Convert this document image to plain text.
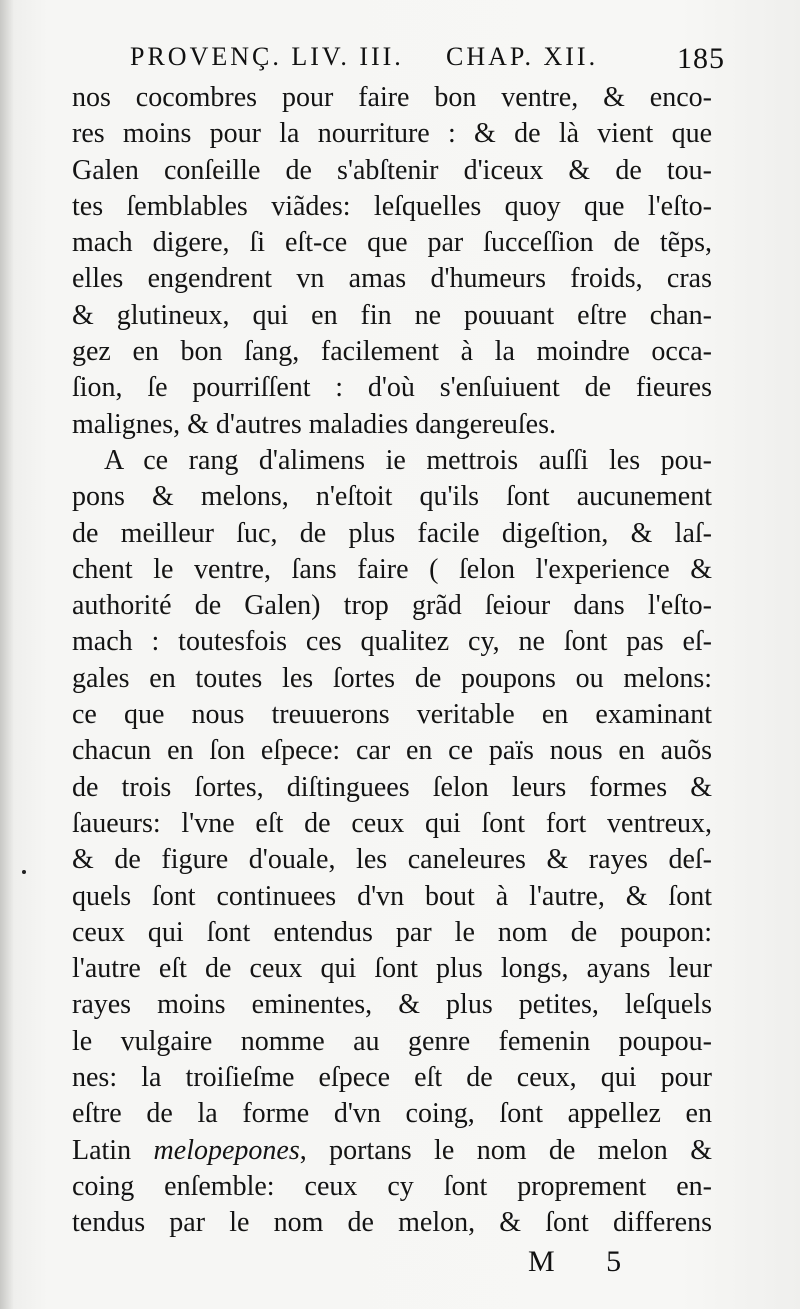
PROVENÇ. LIV. III. CHAP. XII.	185
nos cocombres pour faire bon ventre, & enco-
res moins pour la nourriture : & de là vient que
Galen conſeille de s'abſtenir d'iceux & de tou-
tes ſemblables viãdes: leſquelles quoy que l'eſto-
mach digere, ſi eſt-ce que par ſucceſſion de tẽps,
elles engendrent vn amas d'humeurs froids, cras
& glutineux, qui en fin ne pouuant eſtre chan-
gez en bon ſang, facilement à la moindre occa-
ſion, ſe pourriſſent : d'où s'enſuiuent de fieures
malignes, & d'autres maladies dangereuſes.
A ce rang d'alimens ie mettrois auſſi les pou-
pons & melons, n'eſtoit qu'ils ſont aucunement
de meilleur ſuc, de plus facile digeſtion, & laſ-
chent le ventre, ſans faire ( ſelon l'experience &
authorité de Galen) trop grãd ſeiour dans l'eſto-
mach : toutesfois ces qualitez cy, ne ſont pas eſ-
gales en toutes les ſortes de poupons ou melons:
ce que nous treuuerons veritable en examinant
chacun en ſon eſpece: car en ce païs nous en auõs
de trois ſortes, diſtinguees ſelon leurs formes &
ſaueurs: l'vne eſt de ceux qui ſont fort ventreux,
& de figure d'ouale, les caneleures & rayes deſ-
quels ſont continuees d'vn bout à l'autre, & ſont
ceux qui ſont entendus par le nom de poupon:
l'autre eſt de ceux qui ſont plus longs, ayans leur
rayes moins eminentes, & plus petites, leſquels
le vulgaire nomme au genre femenin poupou-
nes: la troiſieſme eſpece eſt de ceux, qui pour
eſtre de la forme d'vn coing, ſont appellez en
Latin melopepones, portans le nom de melon &
coing enſemble: ceux cy ſont proprement en-
tendus par le nom de melon, & ſont differens
M 5
